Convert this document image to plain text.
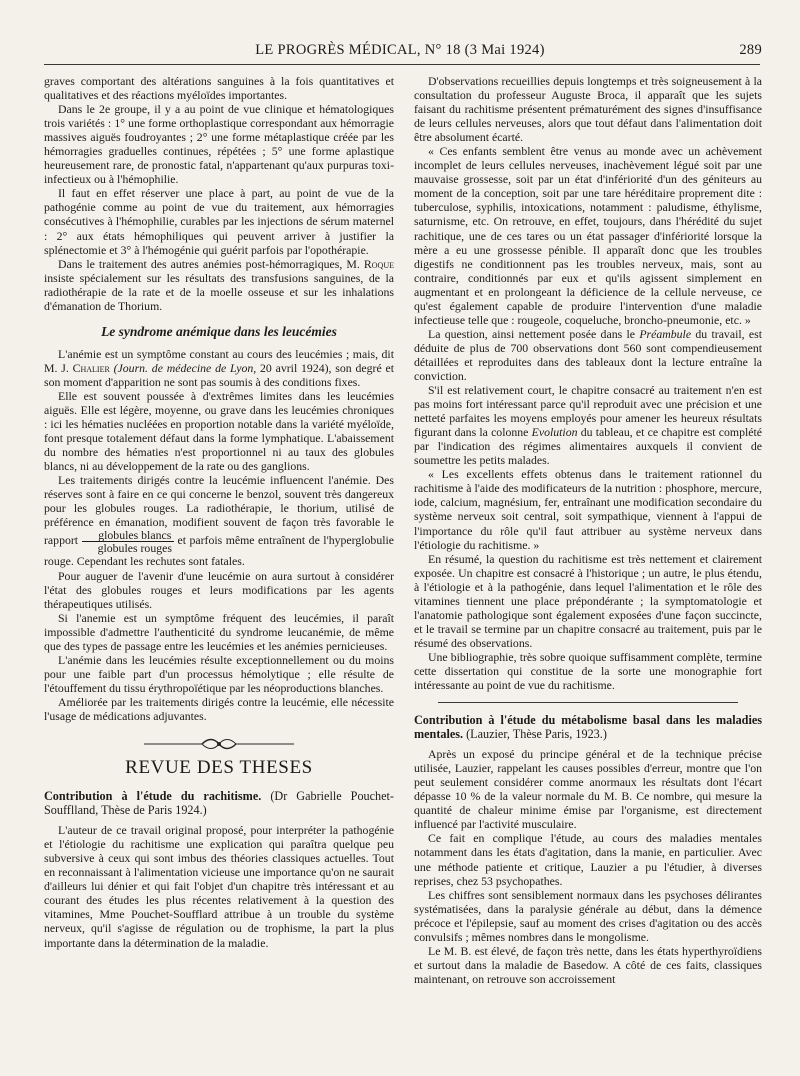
LE PROGRÈS MÉDICAL, N° 18 (3 Mai 1924)	289

graves comportant des altérations sanguines à la fois quantitatives et qualitatives et des réactions myéloïdes importantes.

Dans le 2e groupe, il y a au point de vue clinique et hématologiques trois variétés : 1° une forme orthoplastique correspondant aux hémorragie massives aiguës foudroyantes ; 2° une forme métaplastique créée par les hémorragies graduelles continues, répétées ; 5° une forme aplastique heureusement rare, de pronostic fatal, n'appartenant qu'aux purpuras toxi-infectieux ou à l'hémophilie.

Il faut en effet réserver une place à part, au point de vue de la pathogénie comme au point de vue du traitement, aux hémorragies consécutives à l'hémophilie, curables par les injections de sérum maternel : 2° aux états hémophiliques qui peuvent arriver à justifier la splénectomie et 3° à l'hémogénie qui guérit parfois par l'opothérapie.

Dans le traitement des autres anémies post-hémorragiques, M. Roque insiste spécialement sur les résultats des transfusions sanguines, de la radiothérapie de la rate et de la moelle osseuse et sur les inhalations d'émanation de Thorium.

Le syndrome anémique dans les leucémies

L'anémie est un symptôme constant au cours des leucémies ; mais, dit M. J. Chalier (Journ. de médecine de Lyon, 20 avril 1924), son degré et son moment d'apparition ne sont pas soumis à des conditions fixes.

Elle est souvent poussée à d'extrêmes limites dans les leucémies aiguës. Elle est légère, moyenne, ou grave dans les leucémies chroniques : ici les hématies nucléées en proportion notable dans la variété myéloïde, font presque totalement défaut dans la forme lymphatique. L'abaissement du nombre des hématies n'est proportionnel ni au taux des globules blancs, ni au développement de la rate ou des ganglions.

Les traitements dirigés contre la leucémie influencent l'anémie. Des réserves sont à faire en ce qui concerne le benzol, souvent très dangereux pour les globules rouges. La radiothérapie, le thorium, utilisé de préférence en émanation, modifient souvent de façon très favorable le rapport $\frac{\text{globules blancs}}{\text{globules rouges}}$ et parfois même entraînent de l'hyperglobulie rouge. Cependant les rechutes sont fatales.

Pour auguer de l'avenir d'une leucémie on aura surtout à considérer l'état des globules rouges et leurs modifications par les agents thérapeutiques utilisés.

Si l'anemie est un symptôme fréquent des leucémies, il paraît impossible d'admettre l'authenticité du syndrome leucanémie, de même que des types de passage entre les leucémies et les anémies pernicieuses.

L'anémie dans les leucémies résulte exceptionnellement ou du moins pour une faible part d'un processus hémolytique ; elle résulte de l'étouffement du tissu érythropoïétique par les néoproductions blanches.

Améliorée par les traitements dirigés contre la leucémie, elle nécessite l'usage de médications adjuvantes.

REVUE DES THESES

Contribution à l'étude du rachitisme. (Dr Gabrielle Pouchet-Soufflland, Thèse de Paris 1924.)

L'auteur de ce travail original proposé, pour interpréter la pathogénie et l'étiologie du rachitisme une explication qui paraîtra quelque peu subversive à ceux qui sont imbus des théories classiques actuelles. Tout en reconnaissant à l'alimentation vicieuse une importance qu'on ne saurait d'ailleurs lui dénier et qui fait l'objet d'un chapitre très intéressant et au courant des études les plus récentes relativement à la question des vitamines, Mme Pouchet-Soufflard attribue à un trouble du système nerveux, qu'il s'agisse de régulation ou de trophisme, la part la plus importante dans la détermination de la maladie.

D'observations recueillies depuis longtemps et très soigneusement à la consultation du professeur Auguste Broca, il apparaît que les sujets faisant du rachitisme présentent prématurément des signes d'insuffisance de leurs cellules nerveuses, alors que tout défaut dans l'alimentation doit être absolument écarté.

« Ces enfants semblent être venus au monde avec un achèvement incomplet de leurs cellules nerveuses, inachèvement légué soit par une mauvaise grossesse, soit par un état d'infériorité d'un des géniteurs au moment de la conception, soit par une tare héréditaire proprement dite : tuberculose, syphilis, intoxications, notamment : paludisme, éthylisme, saturnisme, etc. On retrouve, en effet, toujours, dans l'hérédité du sujet rachitique, une de ces tares ou un état passager d'infériorité lorsque la mère a eu une grossesse pénible. Il apparaît donc que les troubles digestifs ne conditionnent pas les troubles nerveux, mais, sont au contraire, conditionnés par eux et qu'ils agissent simplement en augmentant et en prolongeant la déficience de la cellule nerveuse, ce qu'est également capable de produire l'intervention d'une maladie infectieuse telle que : rougeole, coqueluche, broncho-pneumonie, etc. »

La question, ainsi nettement posée dans le Préambule du travail, est déduite de plus de 700 observations dont 560 sont compendieusement détaillées et reproduites dans des tableaux dont la lecture entraîne la conviction.

S'il est relativement court, le chapitre consacré au traitement n'en est pas moins fort intéressant parce qu'il reproduit avec une précision et une netteté parfaites les moyens employés pour amener les heureux résultats figurant dans la colonne Evolution du tableau, et ce chapitre est complété par l'indication des régimes alimentaires auxquels il convient de soumettre les petits malades.

« Les excellents effets obtenus dans le traitement rationnel du rachitisme à l'aide des modificateurs de la nutrition : phosphore, mercure, iode, calcium, magnésium, fer, entraînant une modification secondaire du système nerveux soit central, soit sympathique, viennent à l'appui de l'importance du rôle qu'il faut attribuer au système nerveux dans l'étiologie du rachitisme. »

En résumé, la question du rachitisme est très nettement et clairement exposée. Un chapitre est consacré à l'historique ; un autre, le plus étendu, à l'étiologie et à la pathogénie, dans lequel l'alimentation et le rôle des vitamines tiennent une place prépondérante ; la symptomatologie et l'anatomie pathologique sont également exposées d'une façon succincte, et le travail se termine par un chapitre consacré au traitement, puis par le résumé des observations.

Une bibliographie, très sobre quoique suffisamment complète, termine cette dissertation qui constitue de la sorte une monographie fort intéressante au point de vue du rachitisme.

Contribution à l'étude du métabolisme basal dans les maladies mentales. (Lauzier, Thèse Paris, 1923.)

Après un exposé du principe général et de la technique précise utilisée, Lauzier, rappelant les causes possibles d'erreur, montre que l'on peut seulement considérer comme anormaux les résultats dont l'écart dépasse 10 % de la valeur normale du M. B. Ce nombre, qui mesure la quantité de chaleur minime émise par l'organisme, est directement influencé par l'activité musculaire.

Ce fait en complique l'étude, au cours des maladies mentales notamment dans les états d'agitation, dans la manie, en particulier. Avec une méthode patiente et critique, Lauzier a pu l'étudier, à diverses reprises, chez 53 psychopathes.

Les chiffres sont sensiblement normaux dans les psychoses délirantes systématisées, dans la paralysie générale au début, dans la démence précoce et l'épilepsie, sauf au moment des crises d'agitation ou des accès convulsifs ; mêmes nombres dans le mongolisme.

Le M. B. est élevé, de façon très nette, dans les états hyperthyroïdiens et surtout dans la maladie de Basedow. A côté de ces faits, classiques maintenant, on retrouve son accroissement
